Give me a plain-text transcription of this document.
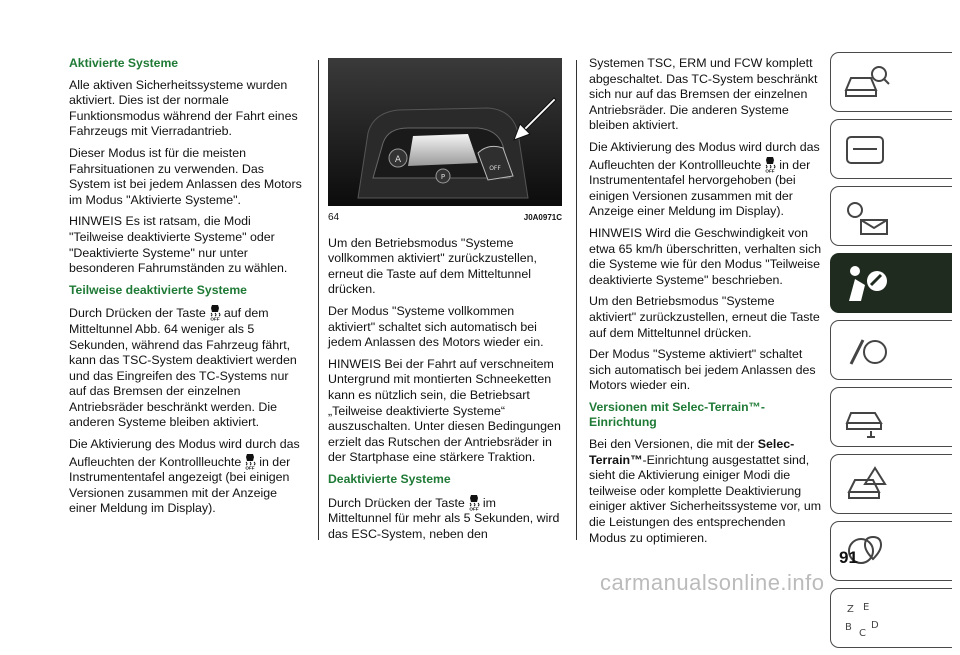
Aktivierte Systeme

Alle aktiven Sicherheitssysteme wurden aktiviert. Dies ist der normale Funktionsmodus während der Fahrt eines Fahrzeugs mit Vierradantrieb.

Dieser Modus ist für die meisten Fahrsituationen zu verwenden. Das System ist bei jedem Anlassen des Motors im Modus "Aktivierte Systeme".

HINWEIS Es ist ratsam, die Modi "Teilweise deaktivierte Systeme" oder "Deaktivierte Systeme" nur unter besonderen Fahrumständen zu wählen.

Teilweise deaktivierte Systeme

Durch Drücken der Taste auf dem Mitteltunnel Abb. 64 weniger als 5 Sekunden, während das Fahrzeug fährt, kann das TSC-System deaktiviert werden und das Eingreifen des TC-Systems nur auf das Bremsen der einzelnen Antriebsräder beschränkt werden. Die anderen Systeme bleiben aktiviert.

Die Aktivierung des Modus wird durch das Aufleuchten der Kontrollleuchte in der Instrumententafel angezeigt (bei einigen Versionen zusammen mit der Anzeige einer Meldung im Display).

A
P
OFF
64	J0A0971C

Um den Betriebsmodus "Systeme vollkommen aktiviert" zurückzustellen, erneut die Taste auf dem Mitteltunnel drücken.

Der Modus "Systeme vollkommen aktiviert" schaltet sich automatisch bei jedem Anlassen des Motors wieder ein.

HINWEIS Bei der Fahrt auf verschneitem Untergrund mit montierten Schneeketten kann es nützlich sein, die Betriebsart „Teilweise deaktivierte Systeme“ auszuschalten. Unter diesen Bedingungen erzielt das Rutschen der Antriebsräder in der Startphase eine stärkere Traktion.

Deaktivierte Systeme

Durch Drücken der Taste im Mitteltunnel für mehr als 5 Sekunden, wird das ESC-System, neben den

Systemen TSC, ERM und FCW komplett abgeschaltet. Das TC-System beschränkt sich nur auf das Bremsen der einzelnen Antriebsräder. Die anderen Systeme bleiben aktiviert.

Die Aktivierung des Modus wird durch das Aufleuchten der Kontrollleuchte in der Instrumententafel hervorgehoben (bei einigen Versionen zusammen mit der Anzeige einer Meldung im Display).

HINWEIS Wird die Geschwindigkeit von etwa 65 km/h überschritten, verhalten sich die Systeme wie für den Modus "Teilweise deaktivierte Systeme" beschrieben.

Um den Betriebsmodus "Systeme aktiviert" zurückzustellen, erneut die Taste auf dem Mitteltunnel drücken.

Der Modus "Systeme aktiviert" schaltet sich automatisch bei jedem Anlassen des Motors wieder ein.

Versionen mit Selec-Terrain™-Einrichtung

Bei den Versionen, die mit der Selec-Terrain™-Einrichtung ausgestattet sind, sieht die Aktivierung einiger Modi die teilweise oder komplette Deaktivierung einiger aktiver Sicherheitssysteme vor, um die Leistungen des entsprechenden Modus zu optimieren.

Z E
B
C
D
91
carmanualsonline.info
